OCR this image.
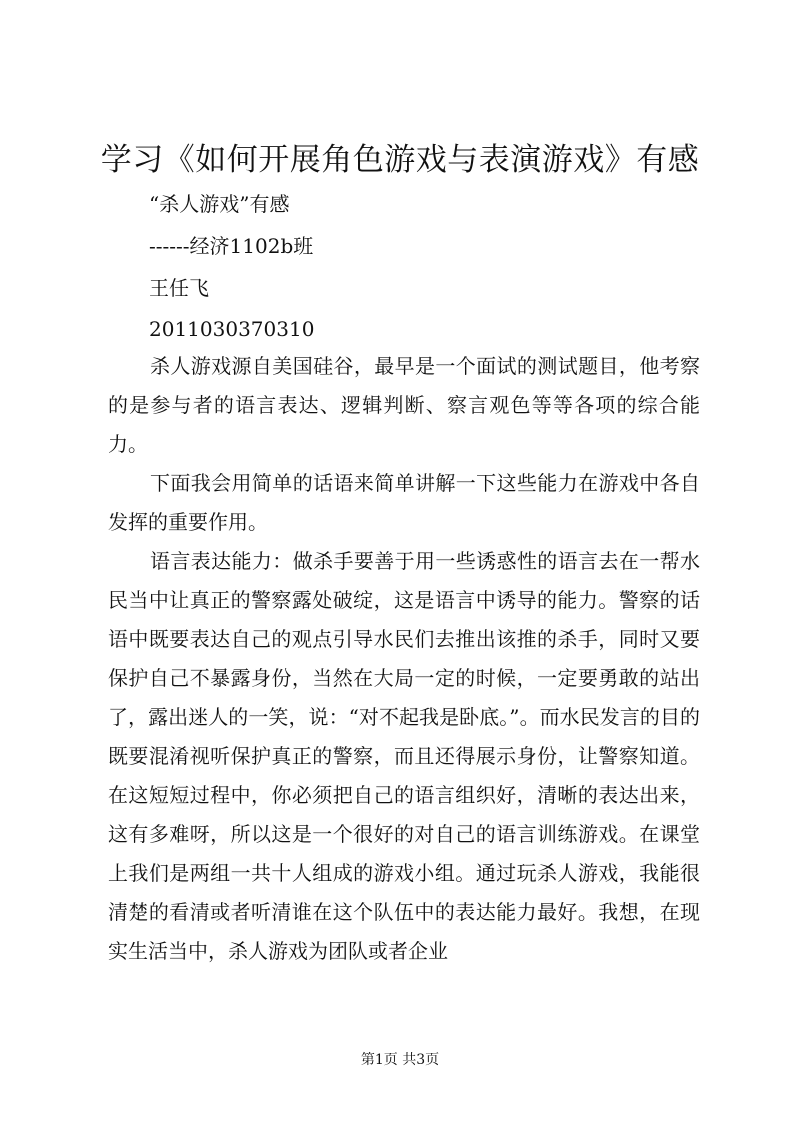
学习《如何开展角色游戏与表演游戏》有感

“杀人游戏”有感

------经济1102b班

王任飞

2011030370310

杀人游戏源自美国硅谷，最早是一个面试的测试题目，他考察的是参与者的语言表达、逻辑判断、察言观色等等各项的综合能力。

下面我会用简单的话语来简单讲解一下这些能力在游戏中各自发挥的重要作用。

语言表达能力：做杀手要善于用一些诱惑性的语言去在一帮水民当中让真正的警察露处破绽，这是语言中诱导的能力。警察的话语中既要表达自己的观点引导水民们去推出该推的杀手，同时又要保护自己不暴露身份，当然在大局一定的时候，一定要勇敢的站出了，露出迷人的一笑，说：“对不起我是卧底。”。而水民发言的目的既要混淆视听保护真正的警察，而且还得展示身份，让警察知道。在这短短过程中，你必须把自己的语言组织好，清晰的表达出来，这有多难呀，所以这是一个很好的对自己的语言训练游戏。在课堂上我们是两组一共十人组成的游戏小组。通过玩杀人游戏，我能很清楚的看清或者听清谁在这个队伍中的表达能力最好。我想，在现实生活当中，杀人游戏为团队或者企业

第1页 共3页
